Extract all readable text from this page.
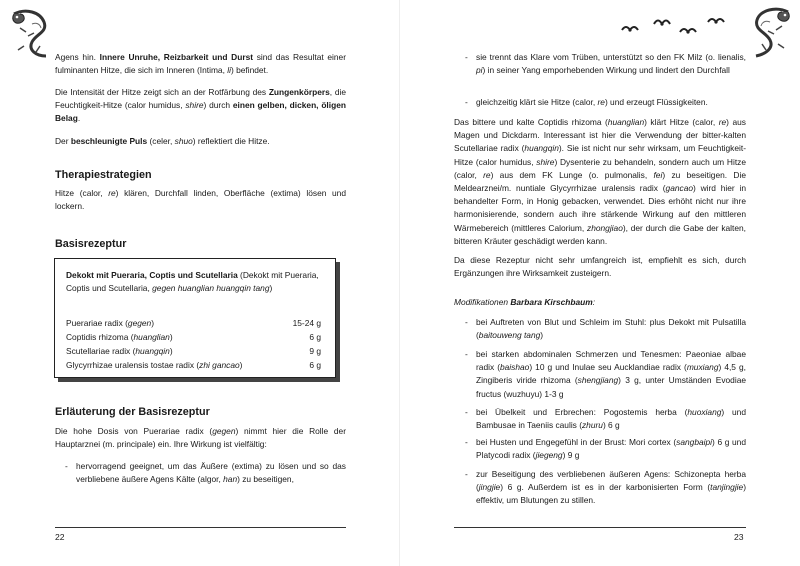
Agens hin. Innere Unruhe, Reizbarkeit und Durst sind das Resultat einer fulminanten Hitze, die sich im Inneren (Intima, li) befindet.

Die Intensität der Hitze zeigt sich an der Rotfärbung des Zungenkörpers, die Feuchtigkeit-Hitze (calor humidus, shire) durch einen gelben, dicken, öligen Belag.

Der beschleunigte Puls (celer, shuo) reflektiert die Hitze.

Therapiestrategien

Hitze (calor, re) klären, Durchfall linden, Oberfläche (extima) lösen und lockern.

Basisrezeptur
Dekokt mit Pueraria, Coptis und Scutellaria (Dekokt mit Pueraria, Coptis und Scutellaria, gegen huanglian huangqin tang)
Puerariae radix (gegen)	15-24 g
Coptidis rhizoma (huanglian)	6 g
Scutellariae radix (huangqin)	9 g
Glycyrrhizae uralensis tostae radix (zhi gancao)	6 g
Erläuterung der Basisrezeptur

Die hohe Dosis von Puerariae radix (gegen) nimmt hier die Rolle der Hauptarznei (m. principale) ein. Ihre Wirkung ist vielfältig:

- hervorragend geeignet, um das Äußere (extima) zu lösen und so das verbliebene äußere Agens Kälte (algor, han) zu beseitigen,
22
- sie trennt das Klare vom Trüben, unterstützt so den FK Milz (o. lienalis, pi) in seiner Yang emporhebenden Wirkung und lindert den Durchfall
- gleichzeitig klärt sie Hitze (calor, re) und erzeugt Flüssigkeiten.

Das bittere und kalte Coptidis rhizoma (huanglian) klärt Hitze (calor, re) aus Magen und Dickdarm. Interessant ist hier die Verwendung der bitter-kalten Scutellariae radix (huangqin). Sie ist nicht nur sehr wirksam, um Feuchtigkeit-Hitze (calor humidus, shire) Dysenterie zu behandeln, sondern auch um Hitze (calor, re) aus dem FK Lunge (o. pulmonalis, fei) zu beseitigen. Die Meldearznei/m. nuntiale Glycyrrhizae uralensis radix (gancao) wird hier in behandelter Form, in Honig gebacken, verwendet. Dies erhöht nicht nur ihre harmonisierende, sondern auch ihre stärkende Wirkung auf den mittleren Wärmebereich (mittleres Calorium, zhongjiao), der durch die Gabe der kalten, bitteren Kräuter geschädigt werden kann.

Da diese Rezeptur nicht sehr umfangreich ist, empfiehlt es sich, durch Ergänzungen ihre Wirksamkeit zusteigern.

Modifikationen Barbara Kirschbaum:

- bei Auftreten von Blut und Schleim im Stuhl: plus Dekokt mit Pulsatilla (baitouweng tang)
- bei starken abdominalen Schmerzen und Tenesmen: Paeoniae albae radix (baishao) 10 g und Inulae seu Aucklandiae radix (muxiang) 4,5 g, Zingiberis viride rhizoma (shengjiang) 3 g, unter Umständen Evodiae fructus (wuzhuyu) 1-3 g
- bei Übelkeit und Erbrechen: Pogostemis herba (huoxiang) und Bambusae in Taeniis caulis (zhuru) 6 g
- bei Husten und Engegefühl in der Brust: Mori cortex (sangbaipi) 6 g und Platycodi radix (jiegeng) 9 g
- zur Beseitigung des verbliebenen äußeren Agens: Schizonepta herba (jingjie) 6 g. Außerdem ist es in der karbonisierten Form (tanjingjie) effektiv, um Blutungen zu stillen.
23
